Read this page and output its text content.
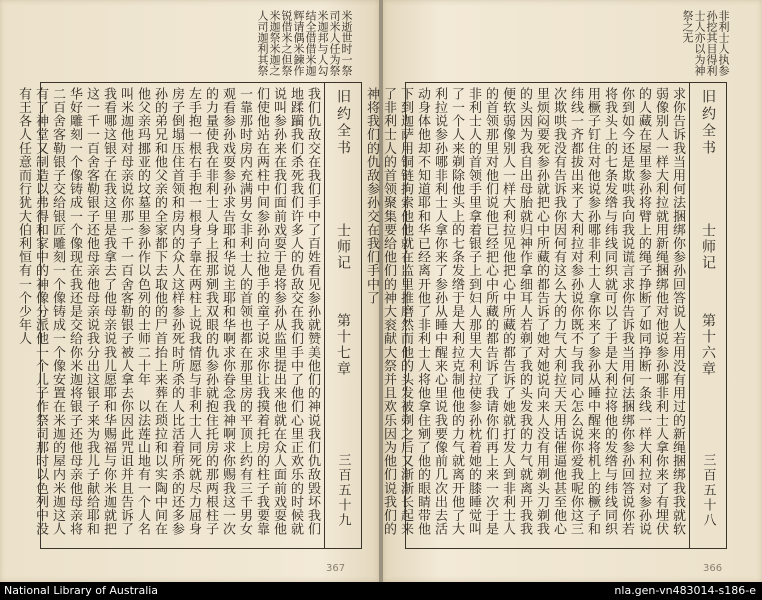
米逝世时一祭司米人任为祭米迦邦与人勾结全借借米迦辉请偶米鍊作锐借米之但祭米迦祭米迦之人司迦利其祭
旧约全书
士师记
第十七章
三百五十九
我们仇敌交在我们手中了百姓看见参孙就赞美他们的神说我们仇敌毁坏我们地蹂躏我们杀死我们许多人的仇敌交在我们手中了他们心里正欢乐的时候就说叫参孙来在我们面前戏耍于是将参孙从监里提出来他就在众人面前戏耍他们使他站在两柱中间参孙向拉他手的童子说求你让我摸着托房的柱子我要靠一靠那时房内充满男女非利士人的首领也都在那里房的平顶上约有三千男女观看参孙戏耍参孙求告耶和华说主耶和华啊求你眷念我神啊求你赐我这一次的力量使我在非利士人身上报那剜我双眼的仇参孙就抱住托房的那两根柱子左手抱一根右手抱一根身子靠在两柱上说我情愿与非利士人同死就尽力屈身房子倒塌压住首领和房内的众人这样参孙死时所杀的人比活着所杀的还多参孙的弟兄和他父亲的全家都下去取他的尸首抬上来葬在琐拉和以实陶中间在他父亲玛挪亚的坟墓里参孙作以色列的士师二十年　以法莲山地有一个人名叫米迦他对母亲说你那一千一百舍客勒银子被人拿去你因此咒诅并且告诉了我看哪这银子在我这里是我拿去了他母亲说我儿愿耶和华赐福与你米迦就把这一千一百舍客勒银子还他母亲他母亲说我分出这银子来为我儿子献给耶和华好雕刻一个像铸成一个像现在我还是交给你米迦将银子还他母亲他母亲将二百舍客勒银子交给银匠雕刻一个像铸成一个像安置在米迦的屋内米迦这人有了神堂又制造以弗得和家中的神像分派他一个儿子作祭司那时以色列中没有王各人任意而行犹大伯利恒有一个少年人
367
非利士人执参孙挖其目得利士人亦以为神祭之无
旧约全书
士师记
第十六章
三百五十八
求你告诉我当用何法捆绑你参孙回答说人若用没有用过的新绳捆绑我我就软弱像别人一样大利拉就用新绳捆绑他对他说参孙哪非利士人拿你来了有埋伏的人藏在屋里参孙将臂上的绳子挣断了如同挣断一条线一样大利拉对参孙说你到如今还是欺哄我向我说谎言求你告诉我当用何法捆绑你参孙回答说你若将我头上的七条发绺与纬线同织就可以了于是大利拉将他的发绺与纬线同织用橛子钉住对他说参孙哪非利士人拿你来了参孙从睡中醒来将机上的橛子和纬线一齐都拔出来了大利拉对参孙说你既不与我同心怎么说你爱我呢你这三次欺哄我没有告诉我你因何有这么大的力气大利拉天天用话催逼他甚至他心里烦闷要死参孙就把心中所藏的都告诉了她对她说向来人没有用剃头刀剃我的头因为我自出母胎就归神作拿细耳人若剃了我的头发我的力气就离开我我便软弱像别人一样大利拉见他把心中所藏的都告诉了她就打发人到非利士人的首领那里对他们说他已经把心中所藏的都告诉了我请你们再上来一次于是非利士人的首领手里拿着银子上到妇人那里大利拉使参孙枕着她的膝睡觉叫了一个人来剃除他头上的七条发绺于是大利拉克制他他的力气就离开他了大利拉说参孙哪非利士人拿你来了参孙从睡中醒来心里说我要像前几次出去活动身体他却不知道耶和华已经离开他了非利士人将他拿住剜了他的眼睛带他下到迦萨用铜链拘索他他就在监里推磨然而他的头发被剃之后又渐渐长起来了非利士人的首领聚集要给他们的神大衮献大祭并且欢乐因为他们说我们的神将我们的仇敌参孙交在我们手中了
366
National Library of Australia	nla.gen-vn483014-s186-e
